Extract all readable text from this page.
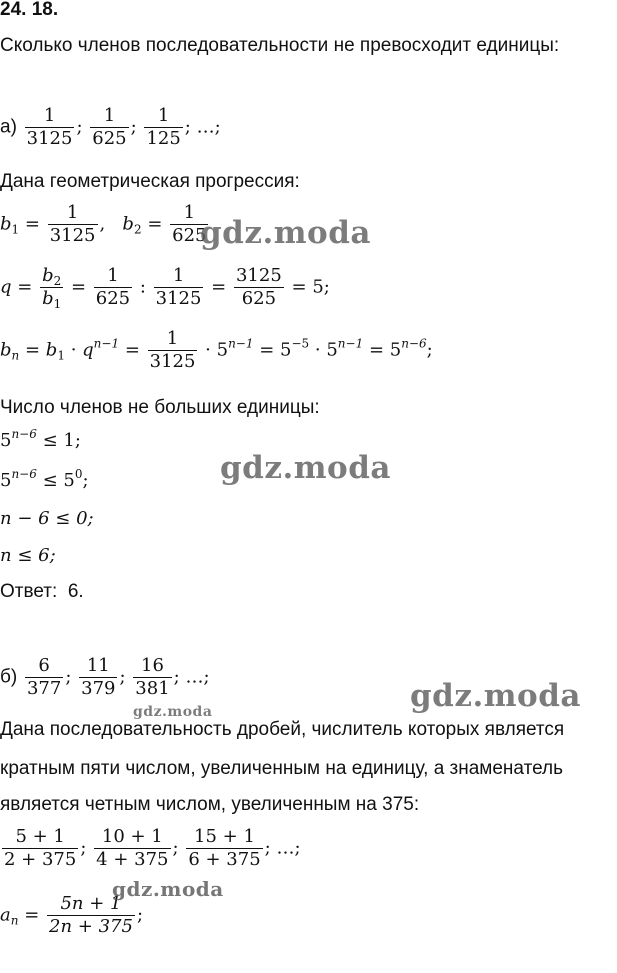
24. 18.
Сколько членов последовательности не превосходит единицы:
$а) \frac{1}{3125}$ ; $\frac{1}{625}$ ; $\frac{1}{125}$ ; …;
Дана геометрическая прогрессия:
$b_1 = \frac{1}{3125}$ , $b_2 = \frac{1}{625}$
$q = \frac{b_2}{b_1} = \frac{1}{625}$ : $\frac{1}{3125} = \frac{3125}{625} = 5$;
$b_n = b_1 \cdot q^{n-1} = \frac{1}{3125} \cdot 5^{n-1} = 5^{-5} \cdot 5^{n-1} = 5^{n-6}$;
Число членов не больших единицы:
$5^{n-6} \le 1$;
$5^{n-6} \le 5^0$;
n − 6 ≤ 0;
n ≤ 6;
Ответ: 6.
$б) \frac{6}{377}$ ; $\frac{11}{379}$ ; $\frac{16}{381}$ ; …;
Дана последовательность дробей, числитель которых является
кратным пяти числом, увеличенным на единицу, а знаменатель
является четным числом, увеличенным на 375:
$\frac{5 + 1}{2 + 375}$ ; $\frac{10 + 1}{4 + 375}$ ; $\frac{15 + 1}{6 + 375}$ ; …;
$a_n = \frac{5n + 1}{2n + 375}$ ;
gdz.moda
gdz.moda
gdz.moda
gdz.moda
gdz.moda
